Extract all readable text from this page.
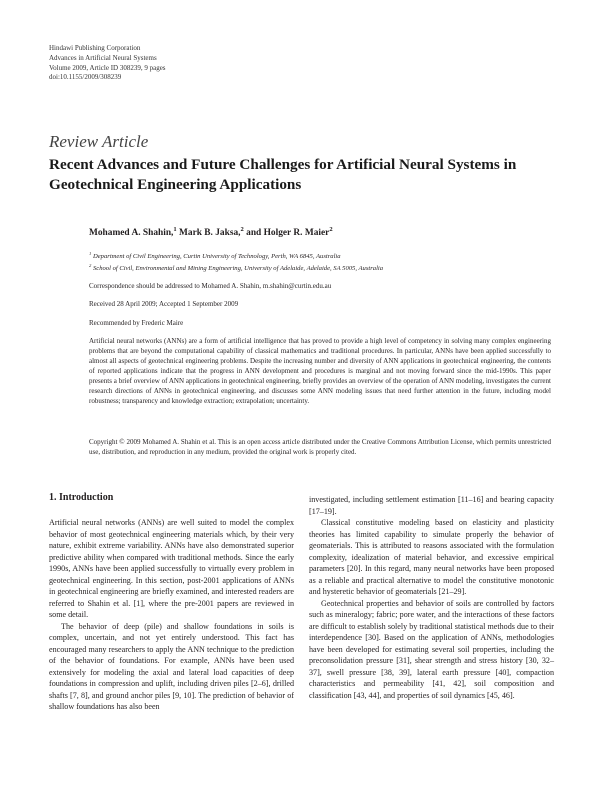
Hindawi Publishing Corporation
Advances in Artificial Neural Systems
Volume 2009, Article ID 308239, 9 pages
doi:10.1155/2009/308239
Review Article
Recent Advances and Future Challenges for Artificial Neural Systems in Geotechnical Engineering Applications
Mohamed A. Shahin,$^1$ Mark B. Jaksa,$^2$ and Holger R. Maier$^2$
$^1$ Department of Civil Engineering, Curtin University of Technology, Perth, WA 6845, Australia
$^2$ School of Civil, Environmental and Mining Engineering, University of Adelaide, Adelaide, SA 5005, Australia
Correspondence should be addressed to Mohamed A. Shahin, m.shahin@curtin.edu.au
Received 28 April 2009; Accepted 1 September 2009
Recommended by Frederic Maire
Artificial neural networks (ANNs) are a form of artificial intelligence that has proved to provide a high level of competency in solving many complex engineering problems that are beyond the computational capability of classical mathematics and traditional procedures. In particular, ANNs have been applied successfully to almost all aspects of geotechnical engineering problems. Despite the increasing number and diversity of ANN applications in geotechnical engineering, the contents of reported applications indicate that the progress in ANN development and procedures is marginal and not moving forward since the mid-1990s. This paper presents a brief overview of ANN applications in geotechnical engineering, briefly provides an overview of the operation of ANN modeling, investigates the current research directions of ANNs in geotechnical engineering, and discusses some ANN modeling issues that need further attention in the future, including model robustness; transparency and knowledge extraction; extrapolation; uncertainty.
Copyright © 2009 Mohamed A. Shahin et al. This is an open access article distributed under the Creative Commons Attribution License, which permits unrestricted use, distribution, and reproduction in any medium, provided the original work is properly cited.
1. Introduction

Artificial neural networks (ANNs) are well suited to model the complex behavior of most geotechnical engineering materials which, by their very nature, exhibit extreme variability. ANNs have also demonstrated superior predictive ability when compared with traditional methods. Since the early 1990s, ANNs have been applied successfully to virtually every problem in geotechnical engineering. In this section, post-2001 applications of ANNs in geotechnical engineering are briefly examined, and interested readers are referred to Shahin et al. [1], where the pre-2001 papers are reviewed in some detail.

The behavior of deep (pile) and shallow foundations in soils is complex, uncertain, and not yet entirely understood. This fact has encouraged many researchers to apply the ANN technique to the prediction of the behavior of foundations. For example, ANNs have been used extensively for modeling the axial and lateral load capacities of deep foundations in compression and uplift, including driven piles [2–6], drilled shafts [7, 8], and ground anchor piles [9, 10]. The prediction of behavior of shallow foundations has also been

investigated, including settlement estimation [11–16] and bearing capacity [17–19].

Classical constitutive modeling based on elasticity and plasticity theories has limited capability to simulate properly the behavior of geomaterials. This is attributed to reasons associated with the formulation complexity, idealization of material behavior, and excessive empirical parameters [20]. In this regard, many neural networks have been proposed as a reliable and practical alternative to model the constitutive monotonic and hysteretic behavior of geomaterials [21–29].

Geotechnical properties and behavior of soils are controlled by factors such as mineralogy; fabric; pore water, and the interactions of these factors are difficult to establish solely by traditional statistical methods due to their interdependence [30]. Based on the application of ANNs, methodologies have been developed for estimating several soil properties, including the preconsolidation pressure [31], shear strength and stress history [30, 32–37], swell pressure [38, 39], lateral earth pressure [40], compaction characteristics and permeability [41, 42], soil composition and classification [43, 44], and properties of soil dynamics [45, 46].
